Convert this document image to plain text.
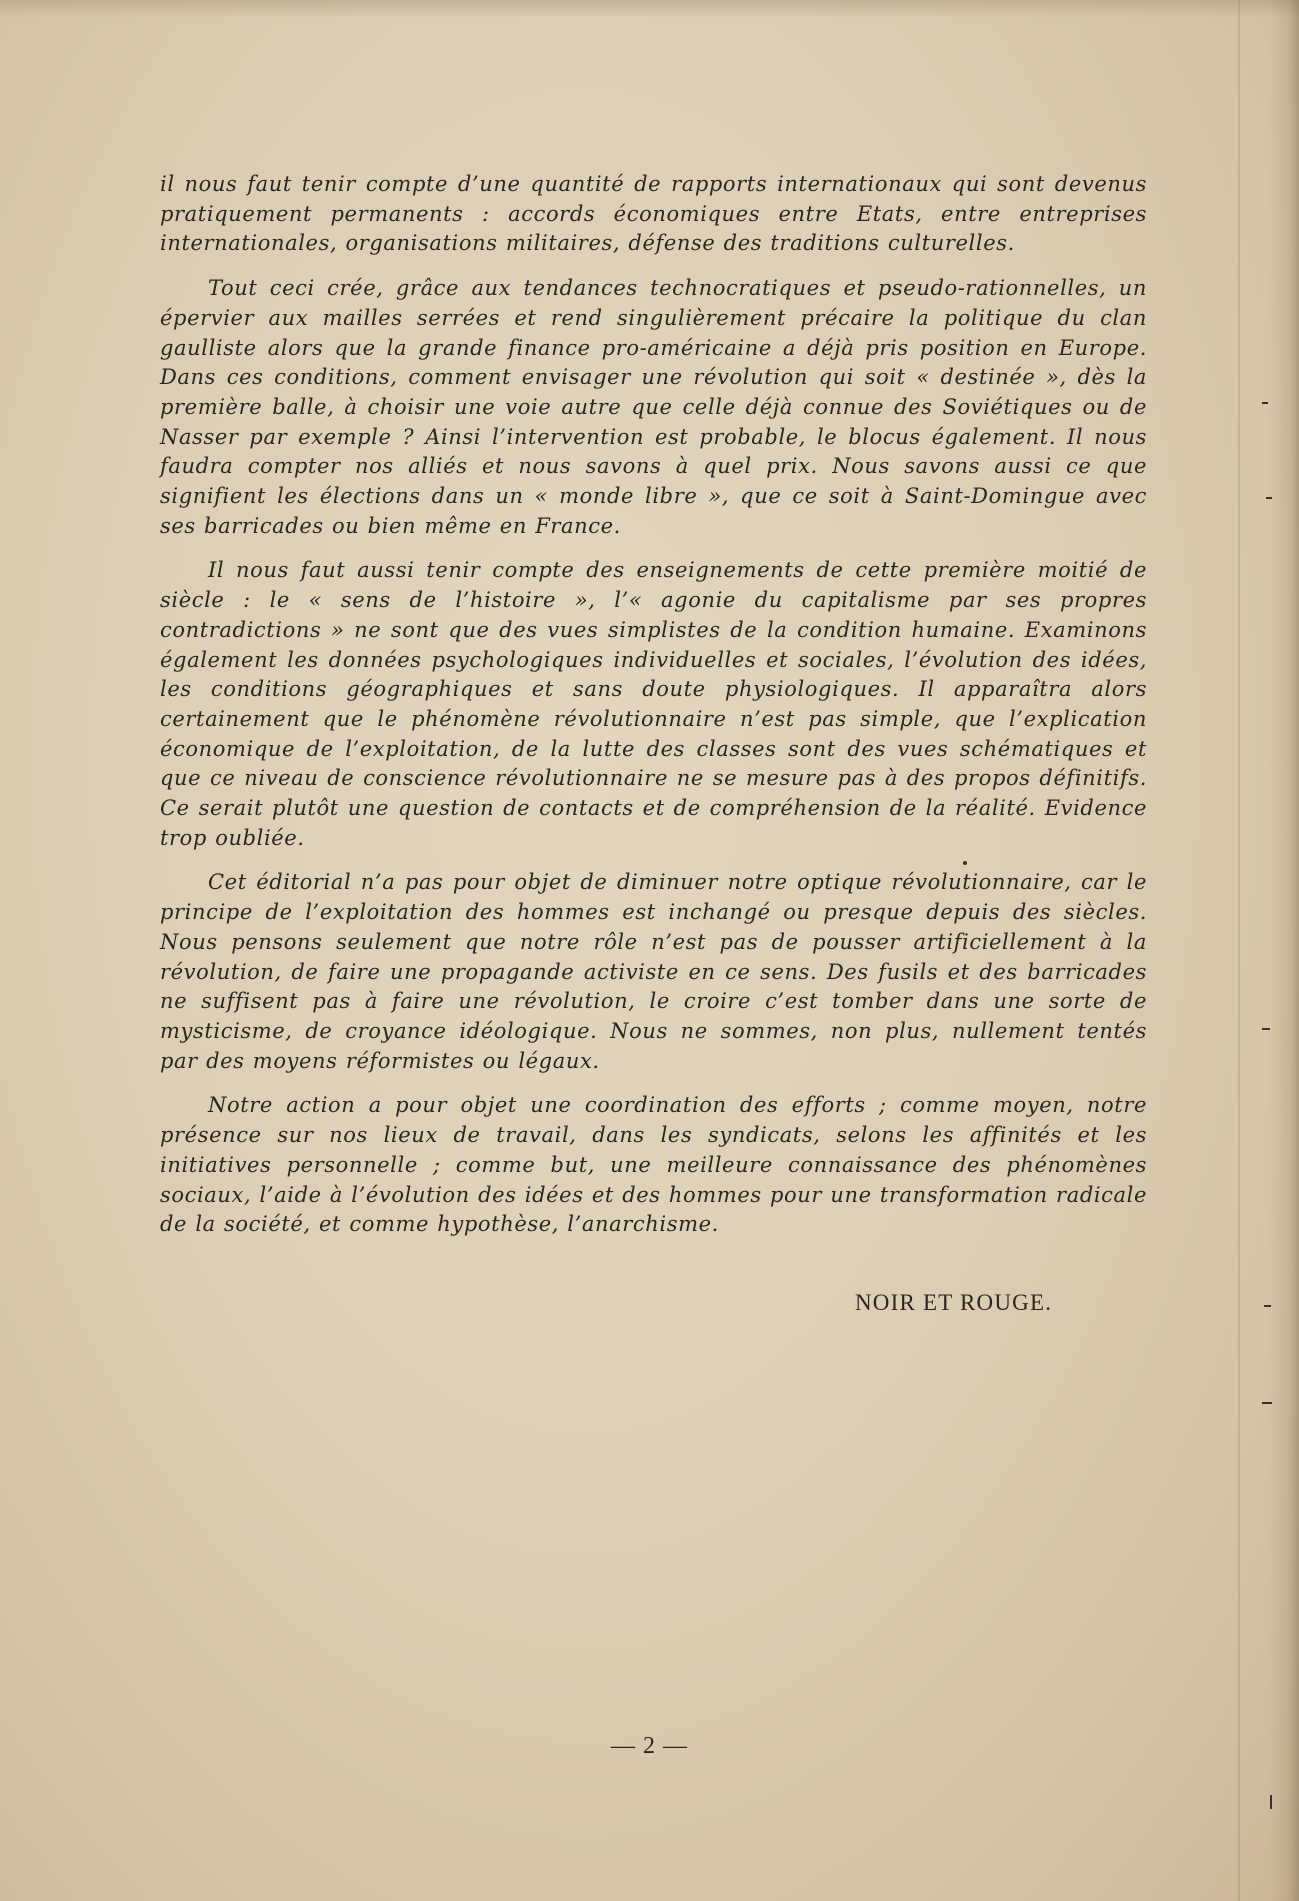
il nous faut tenir compte d’une quantité de rapports internationaux qui sont devenus pratiquement permanents : accords économiques entre Etats, entre entreprises internationales, organisations militaires, défense des traditions culturelles.

Tout ceci crée, grâce aux tendances technocratiques et pseudo-rationnelles, un épervier aux mailles serrées et rend singulièrement précaire la politique du clan gaulliste alors que la grande finance pro-américaine a déjà pris position en Europe. Dans ces conditions, comment envisager une révolution qui soit « destinée », dès la première balle, à choisir une voie autre que celle déjà connue des Soviétiques ou de Nasser par exemple ? Ainsi l’intervention est probable, le blocus également. Il nous faudra compter nos alliés et nous savons à quel prix. Nous savons aussi ce que signifient les élections dans un « monde libre », que ce soit à Saint-Domingue avec ses barricades ou bien même en France.

Il nous faut aussi tenir compte des enseignements de cette première moitié de siècle : le « sens de l’histoire », l’« agonie du capitalisme par ses propres contradictions » ne sont que des vues simplistes de la condition humaine. Examinons également les données psychologiques individuelles et sociales, l’évolution des idées, les conditions géographiques et sans doute physiologiques. Il apparaîtra alors certainement que le phénomène révolutionnaire n’est pas simple, que l’explication économique de l’exploitation, de la lutte des classes sont des vues schématiques et que ce niveau de conscience révolutionnaire ne se mesure pas à des propos définitifs. Ce serait plutôt une question de contacts et de compréhension de la réalité. Evidence trop oubliée.

Cet éditorial n’a pas pour objet de diminuer notre optique révolutionnaire, car le principe de l’exploitation des hommes est inchangé ou presque depuis des siècles. Nous pensons seulement que notre rôle n’est pas de pousser artificiellement à la révolution, de faire une propagande activiste en ce sens. Des fusils et des barricades ne suffisent pas à faire une révolution, le croire c’est tomber dans une sorte de mysticisme, de croyance idéologique. Nous ne sommes, non plus, nullement tentés par des moyens réformistes ou légaux.

Notre action a pour objet une coordination des efforts ; comme moyen, notre présence sur nos lieux de travail, dans les syndicats, selons les affinités et les initiatives personnelle ; comme but, une meilleure connaissance des phénomènes sociaux, l’aide à l’évolution des idées et des hommes pour une transformation radicale de la société, et comme hypothèse, l’anarchisme.

NOIR ET ROUGE.
— 2 —
